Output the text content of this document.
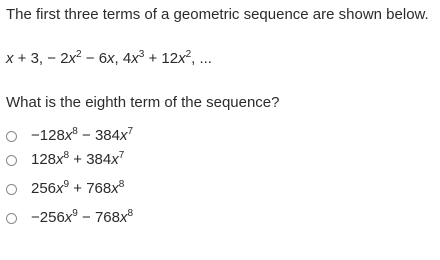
The first three terms of a geometric sequence are shown below.
x + 3, − $2x^2 - 6x$, $4x^3 + 12x^2$, ...
What is the eighth term of the sequence?
$-128x^8 - 384x^7$
$128x^8 + 384x^7$
$256x^9 + 768x^8$
$-256x^9 - 768x^8$
